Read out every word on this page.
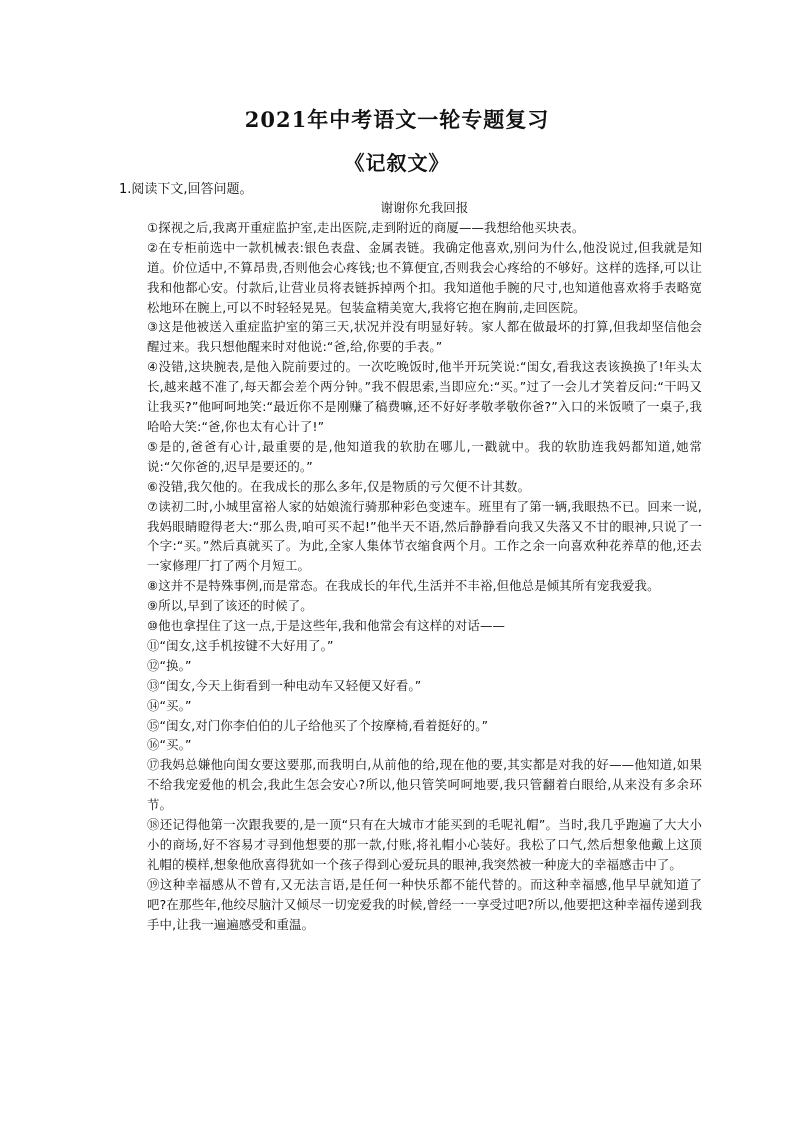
2021年中考语文一轮专题复习
《记叙文》
1.阅读下文,回答问题。
谢谢你允我回报

①探视之后,我离开重症监护室,走出医院,走到附近的商厦——我想给他买块表。

②在专柜前选中一款机械表:银色表盘、金属表链。我确定他喜欢,别问为什么,他没说过,但我就是知道。价位适中,不算昂贵,否则他会心疼钱;也不算便宜,否则我会心疼给的不够好。这样的选择,可以让我和他都心安。付款后,让营业员将表链拆掉两个扣。我知道他手腕的尺寸,也知道他喜欢将手表略宽松地环在腕上,可以不时轻轻晃晃。包装盒精美宽大,我将它抱在胸前,走回医院。

③这是他被送入重症监护室的第三天,状况并没有明显好转。家人都在做最坏的打算,但我却坚信他会醒过来。我只想他醒来时对他说:“爸,给,你要的手表。”

④没错,这块腕表,是他入院前要过的。一次吃晚饭时,他半开玩笑说:“闺女,看我这表该换换了!年头太长,越来越不准了,每天都会差个两分钟。”我不假思索,当即应允:“买。”过了一会儿才笑着反问:“干吗又让我买?”他呵呵地笑:“最近你不是刚赚了稿费嘛,还不好好孝敬孝敬你爸?”入口的米饭喷了一桌子,我哈哈大笑:“爸,你也太有心计了!”

⑤是的,爸爸有心计,最重要的是,他知道我的软肋在哪儿,一戳就中。我的软肋连我妈都知道,她常说:“欠你爸的,迟早是要还的。”

⑥没错,我欠他的。在我成长的那么多年,仅是物质的亏欠便不计其数。

⑦读初二时,小城里富裕人家的姑娘流行骑那种彩色变速车。班里有了第一辆,我眼热不已。回来一说,我妈眼睛瞪得老大:“那么贵,咱可买不起!”他半天不语,然后静静看向我又失落又不甘的眼神,只说了一个字:“买。”然后真就买了。为此,全家人集体节衣缩食两个月。工作之余一向喜欢种花养草的他,还去一家修理厂打了两个月短工。

⑧这并不是特殊事例,而是常态。在我成长的年代,生活并不丰裕,但他总是倾其所有宠我爱我。

⑨所以,早到了该还的时候了。

⑩他也拿捏住了这一点,于是这些年,我和他常会有这样的对话——

⑪“闺女,这手机按键不大好用了。”

⑫“换。”

⑬“闺女,今天上街看到一种电动车又轻便又好看。”

⑭“买。”

⑮“闺女,对门你李伯伯的儿子给他买了个按摩椅,看着挺好的。”

⑯“买。”

⑰我妈总嫌他向闺女要这要那,而我明白,从前他的给,现在他的要,其实都是对我的好——他知道,如果不给我宠爱他的机会,我此生怎会安心?所以,他只管笑呵呵地要,我只管翻着白眼给,从来没有多余环节。

⑱还记得他第一次跟我要的,是一顶“只有在大城市才能买到的毛呢礼帽”。当时,我几乎跑遍了大大小小的商场,好不容易才寻到他想要的那一款,付账,将礼帽小心装好。我松了口气,然后想象他戴上这顶礼帽的模样,想象他欣喜得犹如一个孩子得到心爱玩具的眼神,我突然被一种庞大的幸福感击中了。

⑲这种幸福感从不曾有,又无法言语,是任何一种快乐都不能代替的。而这种幸福感,他早早就知道了吧?在那些年,他绞尽脑汁又倾尽一切宠爱我的时候,曾经一一享受过吧?所以,他要把这种幸福传递到我手中,让我一遍遍感受和重温。
